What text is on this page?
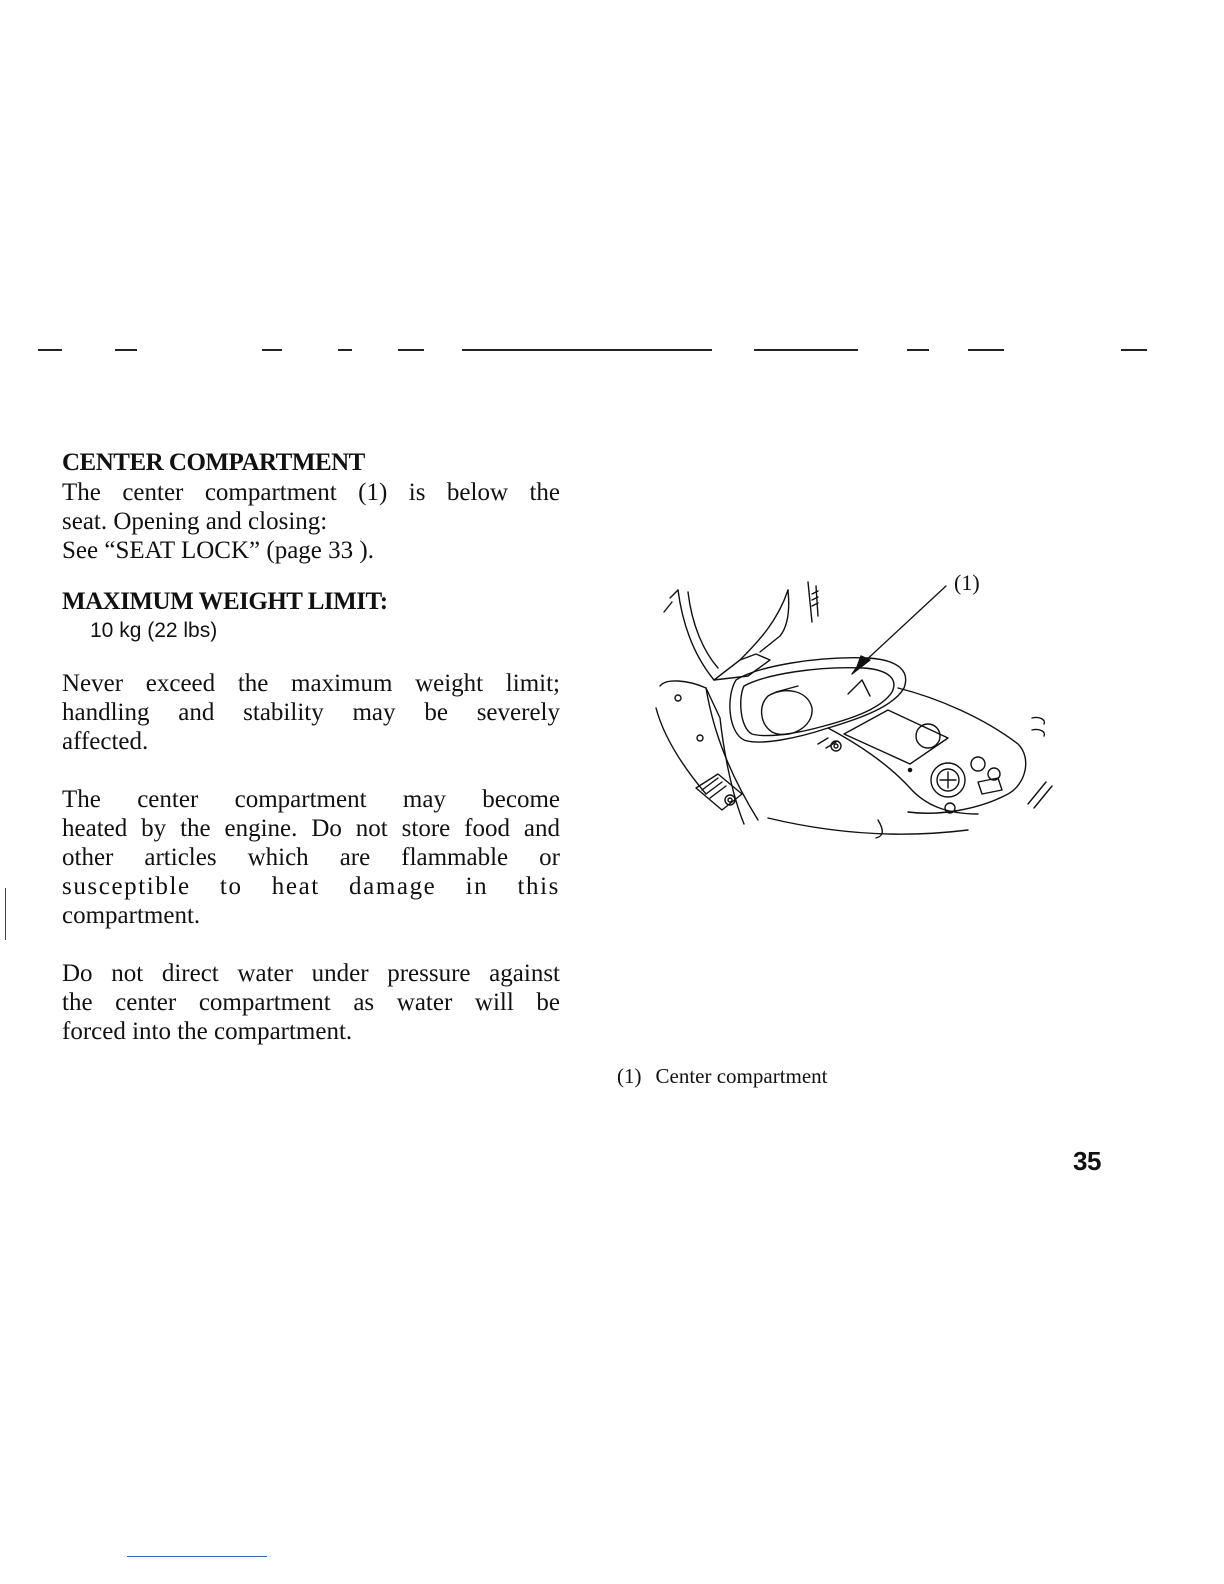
CENTER COMPARTMENT

The center compartment (1) is below the
seat. Opening and closing:
See “SEAT LOCK” (page 33 ).

MAXIMUM WEIGHT LIMIT:

10 kg (22 lbs)

Never exceed the maximum weight limit;
handling and stability may be severely
affected.

The center compartment may become
heated by the engine. Do not store food and
other articles which are flammable or
susceptible to heat damage in this
compartment.

Do not direct water under pressure against
the center compartment as water will be
forced into the compartment.

(1)
(1) Center compartment
35
